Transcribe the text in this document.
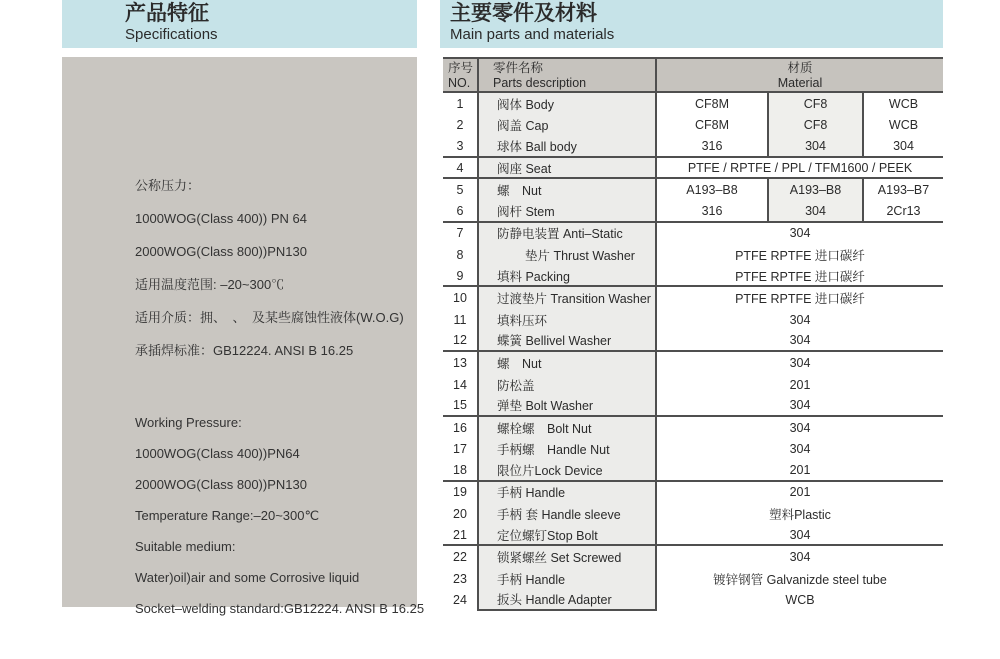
产品特征
Specifications
主要零件及材料
Main parts and materials
公称压力：
1000WOG(Class 400)) PN 64
2000WOG(Class 800))PN130
适用温度范围: –20~300℃
适用介质：拥、　、　及某些腐蚀性液体(W.O.G)
承插焊标准：GB12224. ANSI B 16.25
Working Pressure:
1000WOG(Class 400))PN64
2000WOG(Class 800))PN130
Temperature Range:–20~300℃
Suitable medium:
Water)oil)air and some Corrosive liquid
Socket–welding standard:GB12224. ANSI B 16.25
序号
NO.
零件名称
Parts description
材质
Material
1	阀体 Body	CF8M	CF8	WCB
2	阀盖 Cap	CF8M	CF8	WCB
3	球体 Ball body	316	304	304
4	阀座 Seat	PTFE / RPTFE / PPL / TFM1600 / PEEK
5	螺　Nut	A193–B8	A193–B8	A193–B7
6	阀杆 Stem	316	304	2Cr13
7	防静电装置 Anti–Static	304
8	垫片 Thrust Washer	PTFE RPTFE 进口碳纤
9	填料 Packing	PTFE RPTFE 进口碳纤
10	过渡垫片 Transition Washer	PTFE RPTFE 进口碳纤
11	填料压环	304
12	蝶簧 Bellivel Washer	304
13	螺　Nut	304
14	防松盖	201
15	弹垫 Bolt Washer	304
16	螺栓螺　Bolt Nut	304
17	手柄螺　Handle Nut	304
18	限位片Lock Device	201
19	手柄 Handle	201
20	手柄 套 Handle sleeve	塑料Plastic
21	定位螺钉Stop Bolt	304
22	锁紧螺丝 Set Screwed	304
23	手柄 Handle	镀锌钢管 Galvanizde steel tube
24	扳头 Handle Adapter	WCB
